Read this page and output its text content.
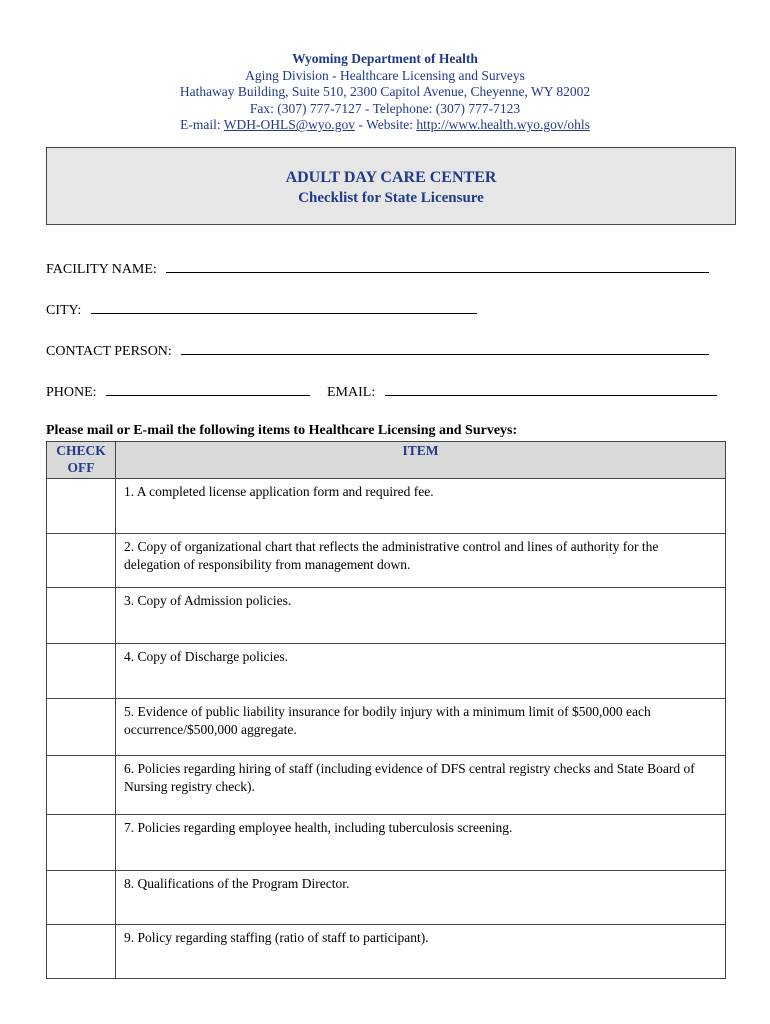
Wyoming Department of Health
Aging Division - Healthcare Licensing and Surveys
Hathaway Building, Suite 510, 2300 Capitol Avenue, Cheyenne, WY 82002
Fax: (307) 777-7127 - Telephone: (307) 777-7123
E-mail: WDH-OHLS@wyo.gov - Website: http://www.health.wyo.gov/ohls
ADULT DAY CARE CENTER
Checklist for State Licensure
FACILITY NAME:
CITY:
CONTACT PERSON:
PHONE:	EMAIL:
Please mail or E-mail the following items to Healthcare Licensing and Surveys:
CHECK
OFF	ITEM

	1. A completed license application form and required fee.

	2. Copy of organizational chart that reflects the administrative control and lines of authority for the delegation of responsibility from management down.

	3. Copy of Admission policies.

	4. Copy of Discharge policies.

	5. Evidence of public liability insurance for bodily injury with a minimum limit of $500,000 each occurrence/$500,000 aggregate.

	6. Policies regarding hiring of staff (including evidence of DFS central registry checks and State Board of Nursing registry check).

	7. Policies regarding employee health, including tuberculosis screening.

	8. Qualifications of the Program Director.

	9. Policy regarding staffing (ratio of staff to participant).
